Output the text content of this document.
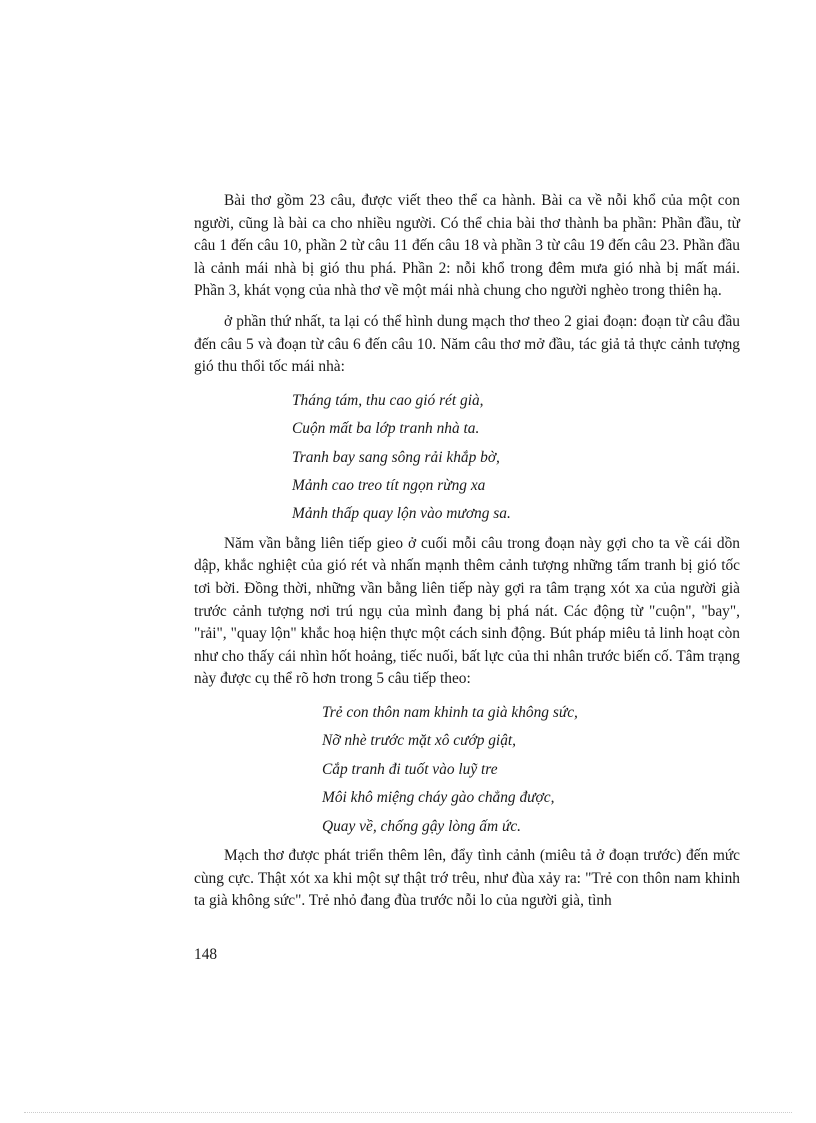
Bài thơ gồm 23 câu, được viết theo thể ca hành. Bài ca về nỗi khổ của một con người, cũng là bài ca cho nhiều người. Có thể chia bài thơ thành ba phần: Phần đầu, từ câu 1 đến câu 10, phần 2 từ câu 11 đến câu 18 và phần 3 từ câu 19 đến câu 23. Phần đầu là cảnh mái nhà bị gió thu phá. Phần 2: nỗi khổ trong đêm mưa gió nhà bị mất mái. Phần 3, khát vọng của nhà thơ về một mái nhà chung cho người nghèo trong thiên hạ.

ở phần thứ nhất, ta lại có thể hình dung mạch thơ theo 2 giai đoạn: đoạn từ câu đầu đến câu 5 và đoạn từ câu 6 đến câu 10. Năm câu thơ mở đầu, tác giả tả thực cảnh tượng gió thu thổi tốc mái nhà:

Tháng tám, thu cao gió rét già,

Cuộn mất ba lớp tranh nhà ta.

Tranh bay sang sông rải khắp bờ,

Mảnh cao treo tít ngọn rừng xa

Mảnh thấp quay lộn vào mương sa.

Năm vần bằng liên tiếp gieo ở cuối mỗi câu trong đoạn này gợi cho ta về cái dồn dập, khắc nghiệt của gió rét và nhấn mạnh thêm cảnh tượng những tấm tranh bị gió tốc tơi bời. Đồng thời, những vần bằng liên tiếp này gợi ra tâm trạng xót xa của người già trước cảnh tượng nơi trú ngụ của mình đang bị phá nát. Các động từ "cuộn", "bay", "rải", "quay lộn" khắc hoạ hiện thực một cách sinh động. Bút pháp miêu tả linh hoạt còn như cho thấy cái nhìn hốt hoảng, tiếc nuối, bất lực của thi nhân trước biến cố. Tâm trạng này được cụ thể rõ hơn trong 5 câu tiếp theo:

Trẻ con thôn nam khinh ta già không sức,

Nỡ nhè trước mặt xô cướp giật,

Cắp tranh đi tuốt vào luỹ tre

Môi khô miệng cháy gào chẳng được,

Quay về, chống gậy lòng ấm ức.

Mạch thơ được phát triển thêm lên, đẩy tình cảnh (miêu tả ở đoạn trước) đến mức cùng cực. Thật xót xa khi một sự thật trớ trêu, như đùa xảy ra: "Trẻ con thôn nam khinh ta già không sức". Trẻ nhỏ đang đùa trước nỗi lo của người già, tình

148
